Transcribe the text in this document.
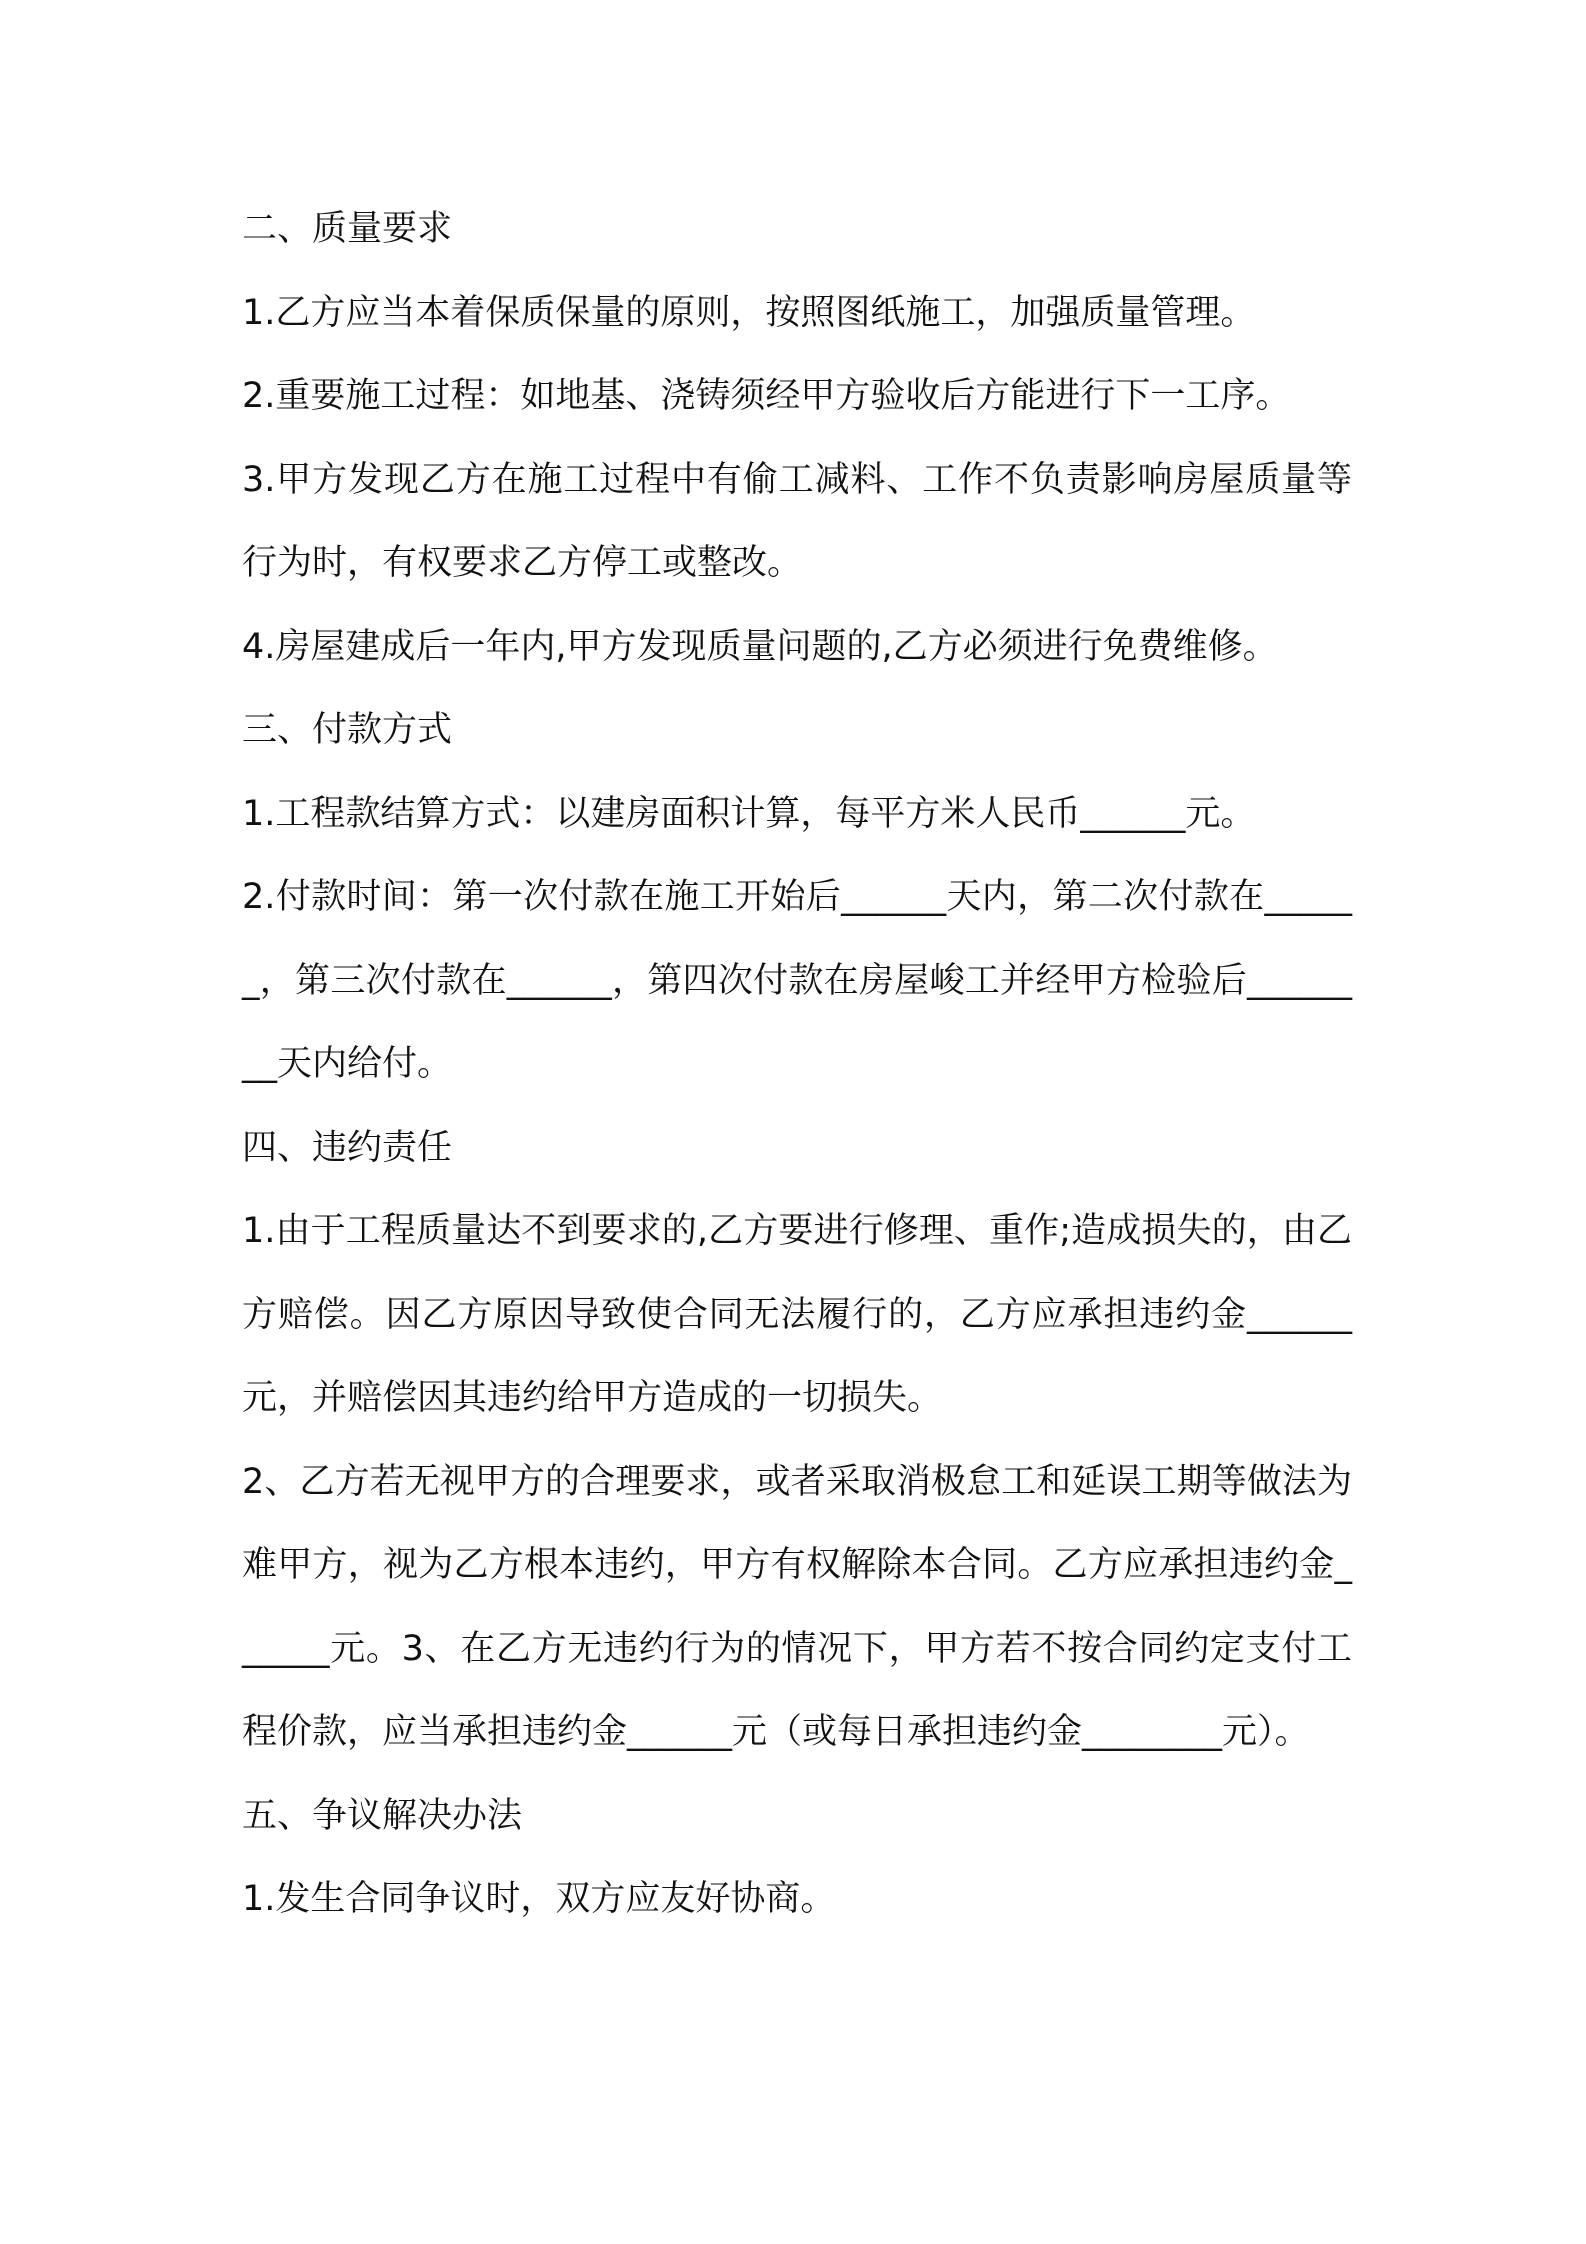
二、质量要求

1.乙方应当本着保质保量的原则，按照图纸施工，加强质量管理。

2.重要施工过程：如地基、浇铸须经甲方验收后方能进行下一工序。

3.甲方发现乙方在施工过程中有偷工减料、工作不负责影响房屋质量等行为时，有权要求乙方停工或整改。

4.房屋建成后一年内,甲方发现质量问题的,乙方必须进行免费维修。

三、付款方式

1.工程款结算方式：以建房面积计算，每平方米人民币______元。

2.付款时间：第一次付款在施工开始后______天内，第二次付款在______，第三次付款在______，第四次付款在房屋峻工并经甲方检验后________天内给付。

四、违约责任

1.由于工程质量达不到要求的,乙方要进行修理、重作;造成损失的，由乙方赔偿。因乙方原因导致使合同无法履行的，乙方应承担违约金______元，并赔偿因其违约给甲方造成的一切损失。

2、乙方若无视甲方的合理要求，或者采取消极怠工和延误工期等做法为难甲方，视为乙方根本违约，甲方有权解除本合同。乙方应承担违约金______元。3、在乙方无违约行为的情况下，甲方若不按合同约定支付工程价款，应当承担违约金______元（或每日承担违约金________元）。

五、争议解决办法

1.发生合同争议时，双方应友好协商。
